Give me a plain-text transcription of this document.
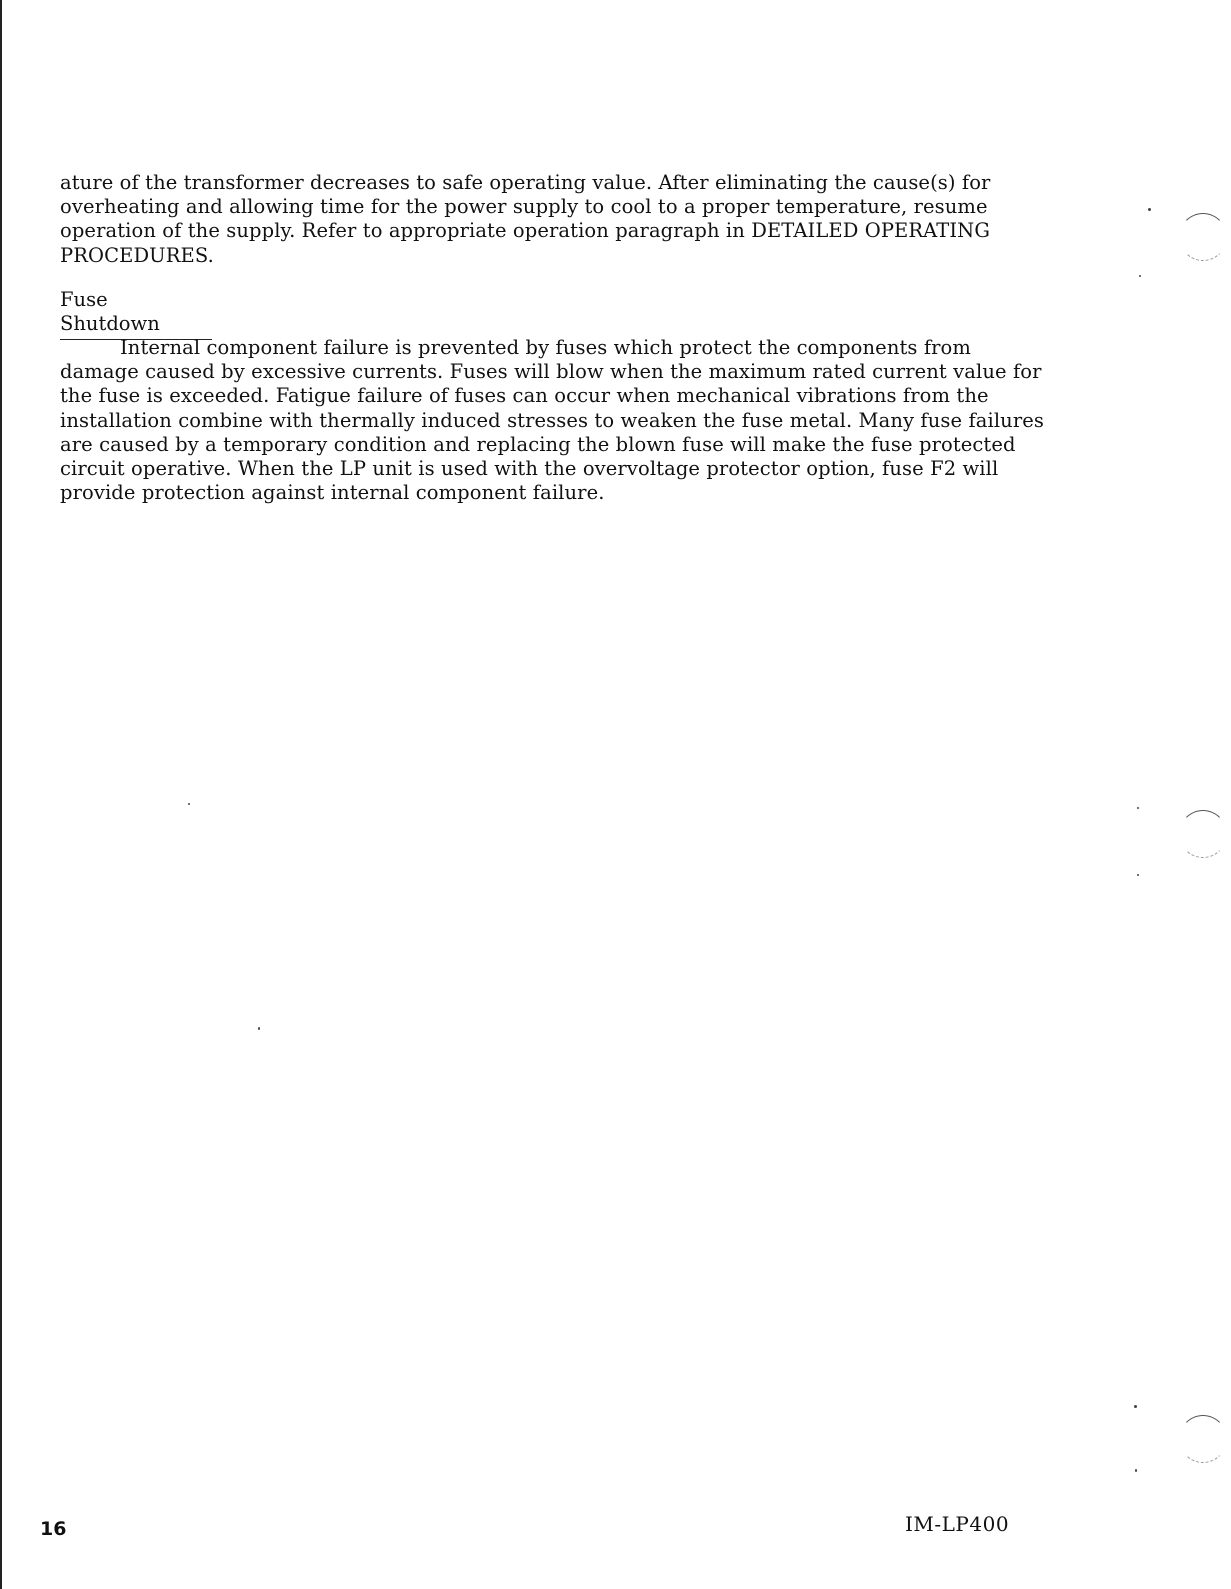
ature of the transformer decreases to safe operating value. After eliminating the cause(s) for overheating and allowing time for the power supply to cool to a proper temperature, resume operation of the supply. Refer to appropriate operation paragraph in DETAILED OPERATING PROCEDURES.
Fuse Shutdown
Internal component failure is prevented by fuses which protect the components from damage caused by excessive currents. Fuses will blow when the maximum rated current value for the fuse is exceeded. Fatigue failure of fuses can occur when mechanical vibrations from the installation combine with thermally induced stresses to weaken the fuse metal. Many fuse failures are caused by a temporary condition and replacing the blown fuse will make the fuse protected circuit operative. When the LP unit is used with the overvoltage protector option, fuse F2 will provide protection against internal component failure.
16	IM-LP400
